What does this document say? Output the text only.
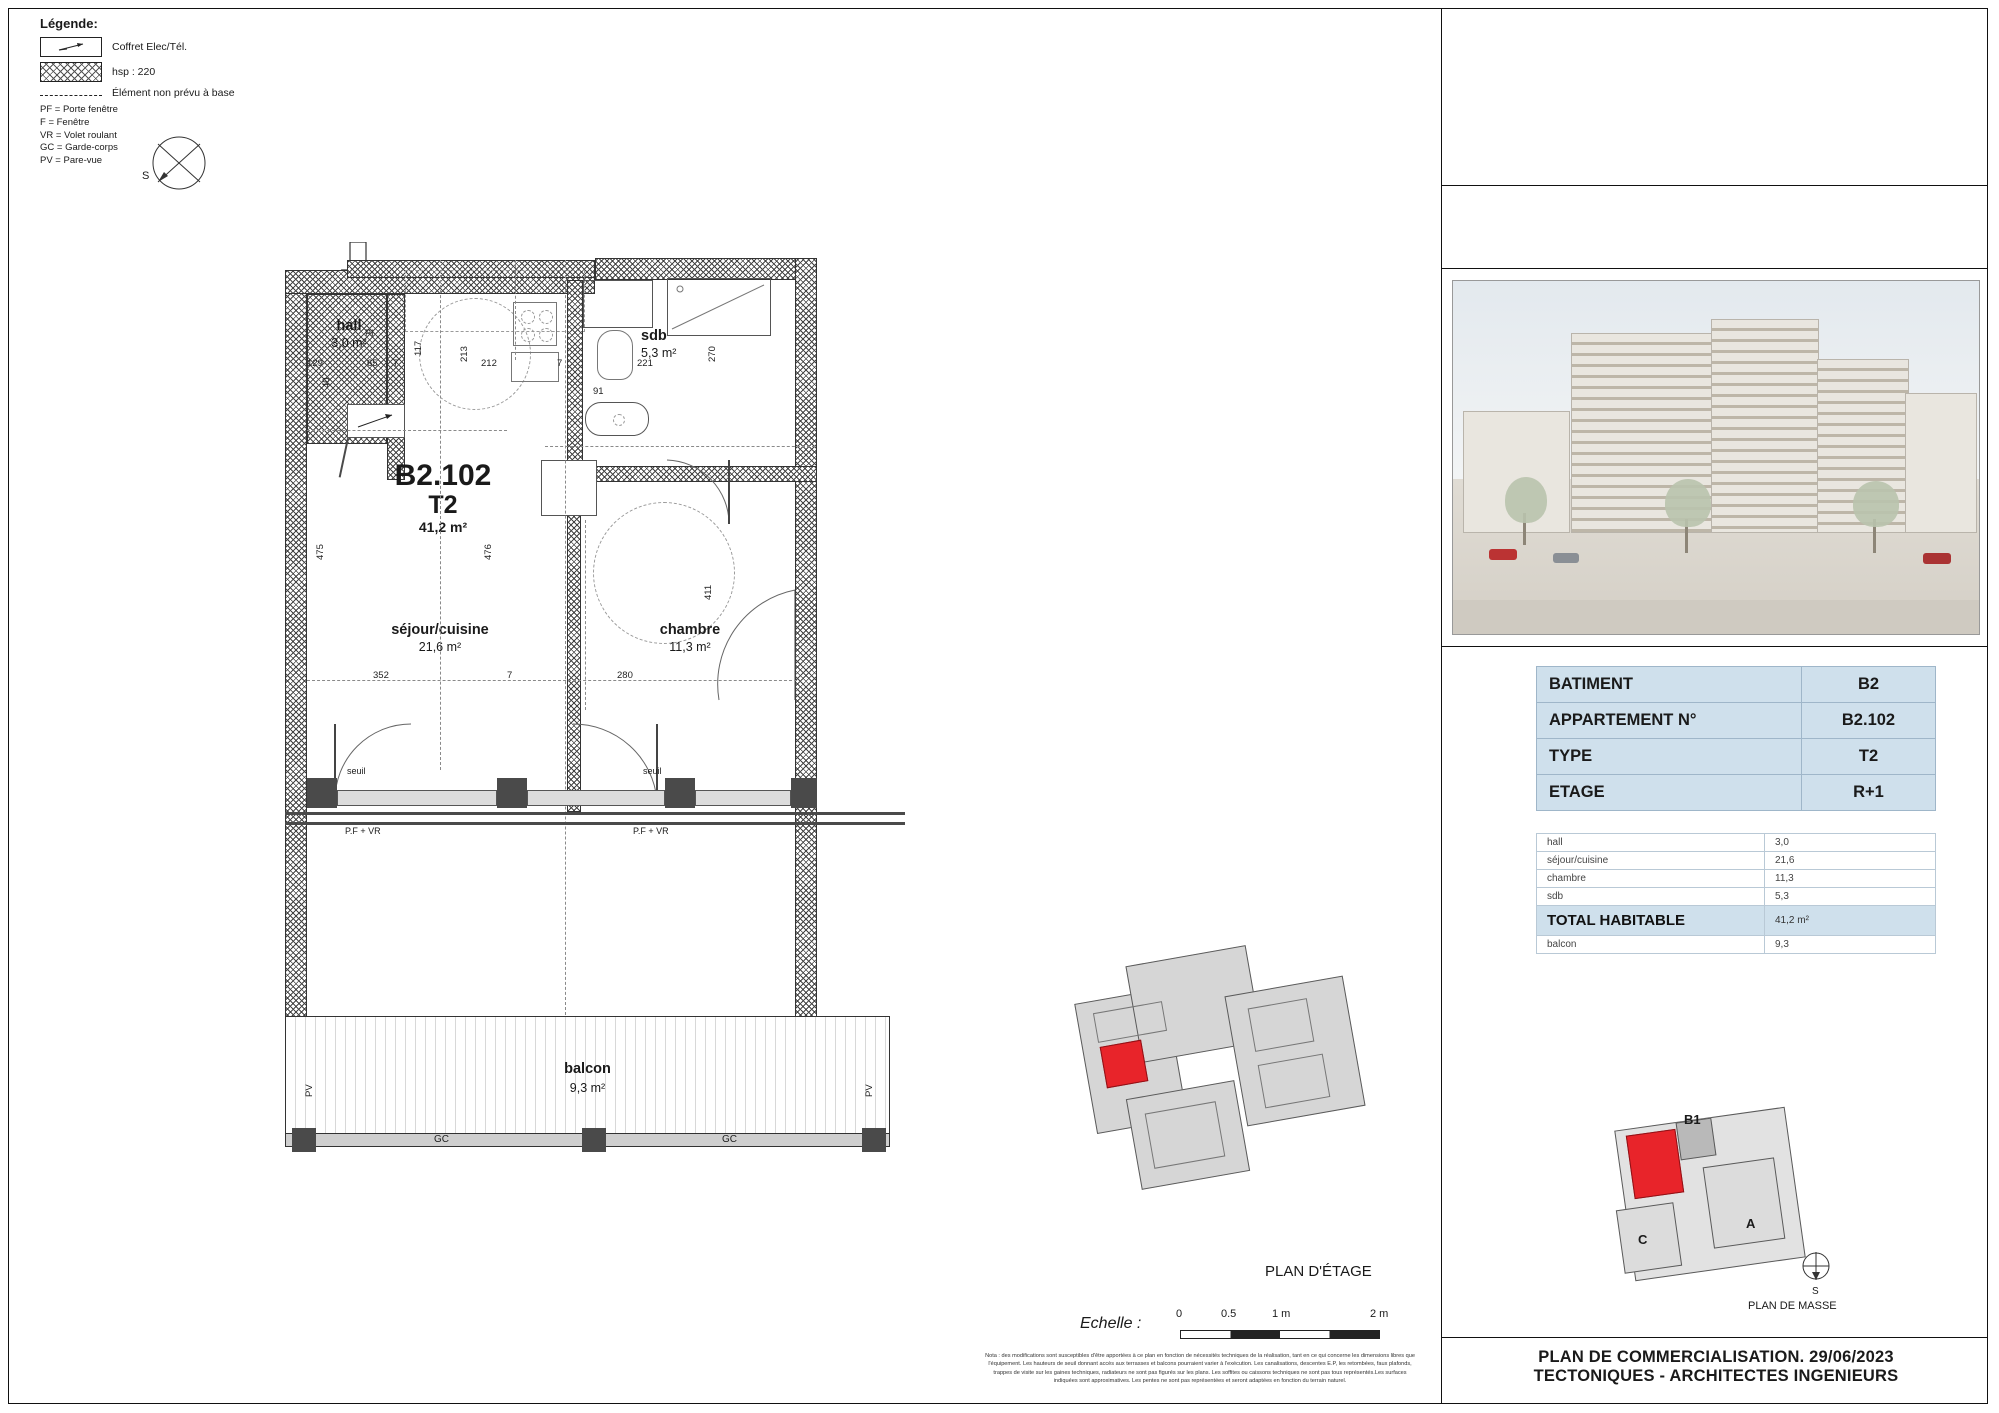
Légende:
Coffret Elec/Tél.
hsp : 220
Élément non prévu à base
PF = Porte fenêtre
F = Fenêtre
VR = Volet roulant
GC = Garde-corps
PV = Pare-vue
S
hall
3,0 m²	sdb
5,3 m²
chambre
11,3 m²
B2.102
T2
41,2 m²
séjour/cuisine
21,6 m²
seuil	seuil
P.F + VR	P.F + VR
PI
129	65 7	212	7	221
117	213	270
40
91
475	476
411
352	7	280
balcon
9,3 m²
PV	PV
GC	GC
BATIMENT	B2
APPARTEMENT N°	B2.102
TYPE	T2
ETAGE	R+1
hall	3,0
séjour/cuisine	21,6
chambre	11,3
sdb	5,3
TOTAL HABITABLE	41,2 m²
balcon	9,3
PLAN D'ÉTAGE
Echelle :
0	0.5	1 m	2 m
Nota : des modifications sont susceptibles d'être apportées à ce plan en fonction de nécessités techniques de la réalisation, tant en ce qui concerne les dimensions libres que l'équipement. Les hauteurs de seuil donnant accès aux terrasses et balcons pourraient varier à l'exécution. Les canalisations, descentes E.P, les retombées, faux plafonds, trappes de visite sur les gaines techniques, radiateurs ne sont pas figurés sur les plans. Les soffites ou caissons techniques ne sont pas tous représentés.Les surfaces indiquées sont approximatives. Les pentes ne sont pas représentées et seront adaptées en fonction du terrain naturel.
B1
A
C
S
PLAN DE MASSE
PLAN DE COMMERCIALISATION. 29/06/2023
TECTONIQUES - ARCHITECTES INGENIEURS
